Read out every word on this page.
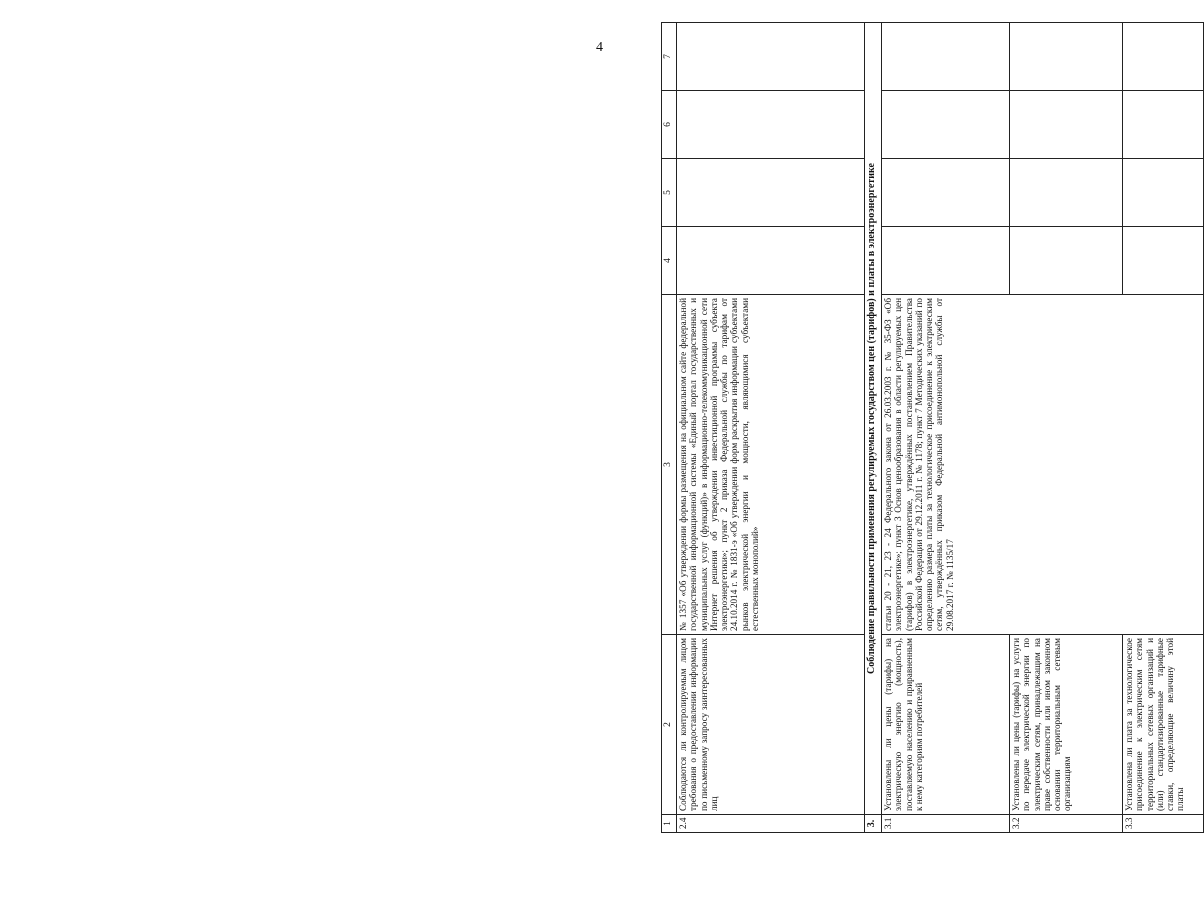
4
1	2	3	4	5	6	7
2.4	Соблюдаются ли контролируемым лицом требования о предоставлении информации по письменному запросу заинтересованных лиц	№ 1357 «Об утверждении формы размещения на официальном сайте федеральной государственной информационной системы «Единый портал государственных и муниципальных услуг (функций)» в информационно-телекоммуникационной сети Интернет решения об утверждении инвестиционной программы субъекта электроэнергетики»; пункт 2 приказа Федеральной службы по тарифам от 24.10.2014 г. № 1831-э «Об утверждении форм раскрытия информации субъектами рынков электрической энергии и мощности, являющимися субъектами естественных монополий»				
3.	Соблюдение правильности применения регулируемых государством цен (тарифов) и платы в электроэнергетике					
3.1	Установлены ли цены (тарифы) на электрическую энергию (мощность), поставляемую населению и приравненным к нему категориям потребителей	статьи 20 - 21, 23 - 24 Федерального закона от 26.03.2003 г. № 35-ФЗ «Об электроэнергетике»; пункт 3 Основ ценообразования в области регулируемых цен (тарифов) в электроэнергетике, утверждённых постановлением Правительства Российской Федерации от 29.12.2011 г. № 1178; пункт 7 Методических указаний по определению размера платы за технологическое присоединение к электрическим сетям, утверждённых приказом Федеральной антимонопольной службы от 29.08.2017 г. № 1135/17				
3.2	Установлены ли цены (тарифы) на услуги по передаче электрической энергии по электрическим сетям, принадлежащим на праве собственности или ином законном основании территориальным сетевым организациям					
3.3	Установлена ли плата за технологическое присоединение к электрическим сетям территориальных сетевых организаций и (или) стандартизированные тарифные ставки, определяющие величину этой платы					
